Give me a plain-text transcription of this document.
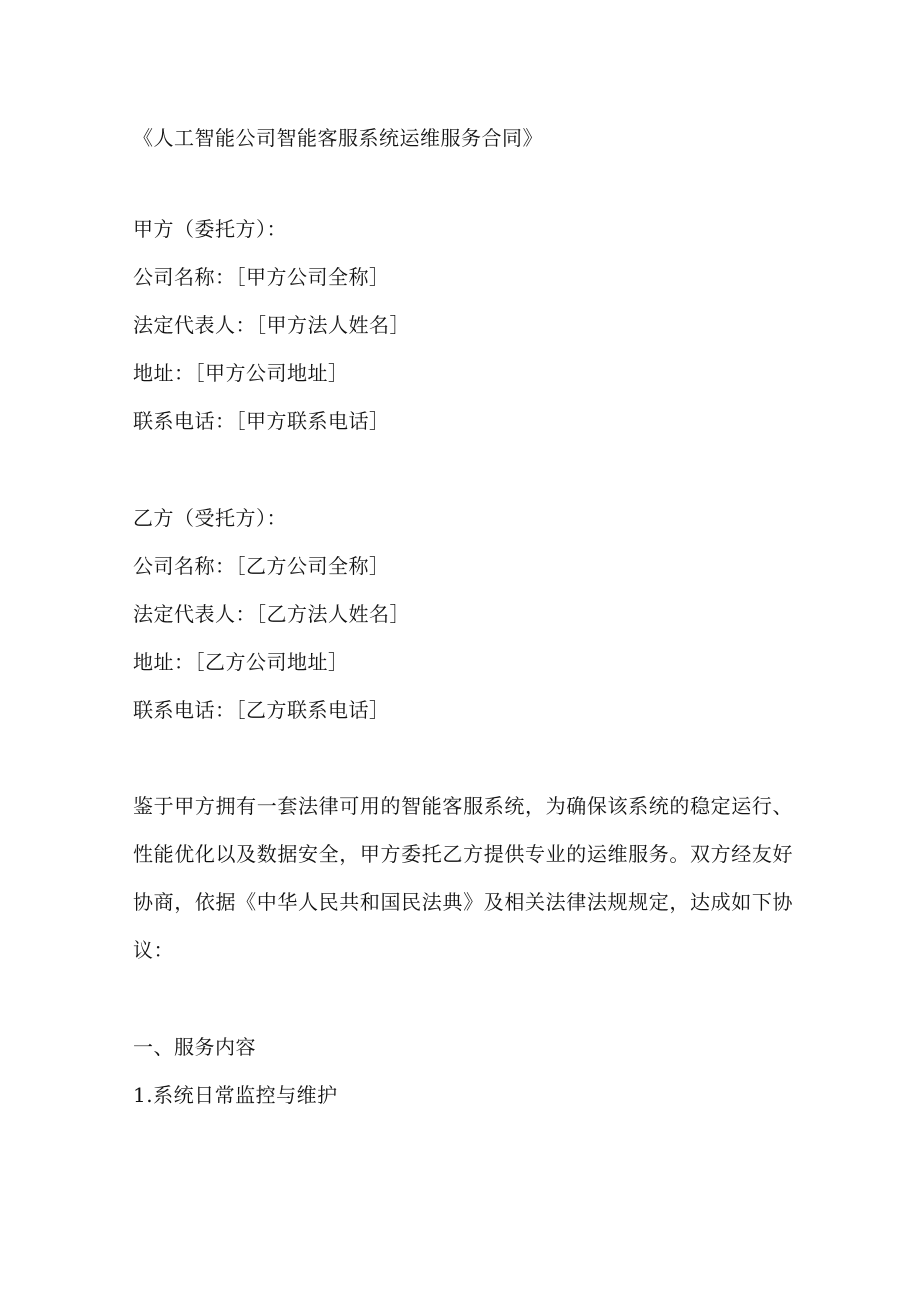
《人工智能公司智能客服系统运维服务合同》
甲方（委托方）：
公司名称：［甲方公司全称］
法定代表人：［甲方法人姓名］
地址：［甲方公司地址］
联系电话：［甲方联系电话］
乙方（受托方）：
公司名称：［乙方公司全称］
法定代表人：［乙方法人姓名］
地址：［乙方公司地址］
联系电话：［乙方联系电话］
鉴于甲方拥有一套法律可用的智能客服系统，为确保该系统的稳定运行、性能优化以及数据安全，甲方委托乙方提供专业的运维服务。双方经友好协商，依据《中华人民共和国民法典》及相关法律法规规定，达成如下协议：
一、服务内容
1.系统日常监控与维护
